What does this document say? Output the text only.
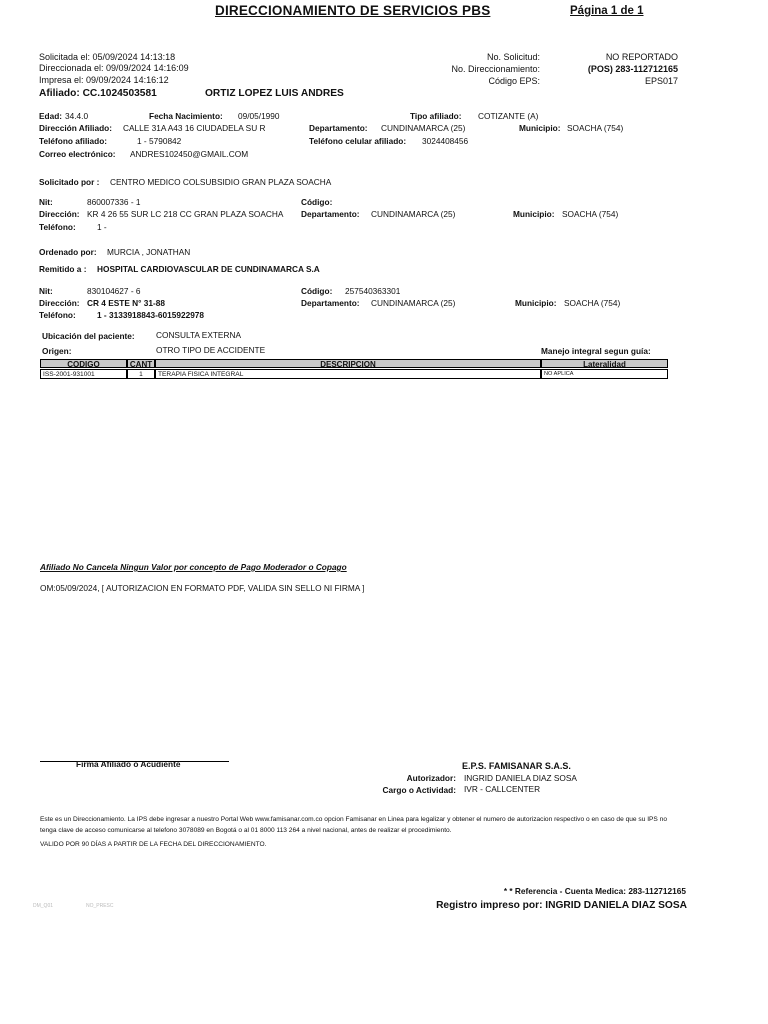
DIRECCIONAMIENTO DE SERVICIOS PBS	Página 1 de 1
Solicitada el: 05/09/2024 14:13:18
Direccionada el: 09/09/2024 14:16:09
Impresa el: 09/09/2024 14:16:12
No. Solicitud:	NO REPORTADO
No. Direccionamiento:	(POS) 283-112712165
Código EPS:	EPS017
Afiliado: CC.1024503581	ORTIZ LOPEZ LUIS ANDRES
Edad: 34.4.0	Fecha Nacimiento: 09/05/1990	Tipo afiliado: COTIZANTE (A)
Dirección Afiliado: CALLE 31A A43 16 CIUDADELA SU R	Departamento: CUNDINAMARCA (25)	Municipio: SOACHA (754)
Teléfono afiliado:	1 - 5790842	Teléfono celular afiliado: 3024408456
Correo electrónico: ANDRES102450@GMAIL.COM
Solicitado por : CENTRO MEDICO COLSUBSIDIO GRAN PLAZA SOACHA
Nit:	860007336 - 1	Código:
Dirección: KR 4 26 55 SUR LC 218 CC GRAN PLAZA SOACHA Departamento: CUNDINAMARCA (25)	Municipio: SOACHA (754)
Teléfono:	1 -
Ordenado por: MURCIA , JONATHAN
Remitido a : HOSPITAL CARDIOVASCULAR DE CUNDINAMARCA S.A
Nit:	830104627 - 6	Código: 257540363301
Dirección: CR 4 ESTE N° 31-88	Departamento: CUNDINAMARCA (25)	Municipio: SOACHA (754)
Teléfono:	1 - 3133918843-6015922978
Ubicación del paciente:	CONSULTA EXTERNA
Origen:	OTRO TIPO DE ACCIDENTE	Manejo integral segun guía:
CODIGO	CANT	DESCRIPCION	Lateralidad
ISS-2001-931001	1	TERAPIA FISICA INTEGRAL	NO APLICA
Afiliado No Cancela Ningun Valor por concepto de Pago Moderador o Copago
OM:05/09/2024, [ AUTORIZACION EN FORMATO PDF, VALIDA SIN SELLO NI FIRMA ]
Firma Afiliado o Acudiente	E.P.S. FAMISANAR S.A.S.
Autorizador: INGRID DANIELA DIAZ SOSA
Cargo o Actividad: IVR - CALLCENTER
Este es un Direccionamiento. La IPS debe ingresar a nuestro Portal Web www.famisanar.com.co opcion Famisanar en Linea para legalizar y obtener el numero de autorizacion respectivo o en caso de que su IPS no
tenga clave de acceso comunicarse al telefono 3078089 en Bogotá o al 01 8000 113 264 a nivel nacional, antes de realizar el procedimiento.
VALIDO POR 90 DÍAS A PARTIR DE LA FECHA DEL DIRECCIONAMIENTO.
* * Referencia - Cuenta Medica: 283-112712165
Registro impreso por: INGRID DANIELA DIAZ SOSA
DM_Q01	NO_PRESC
